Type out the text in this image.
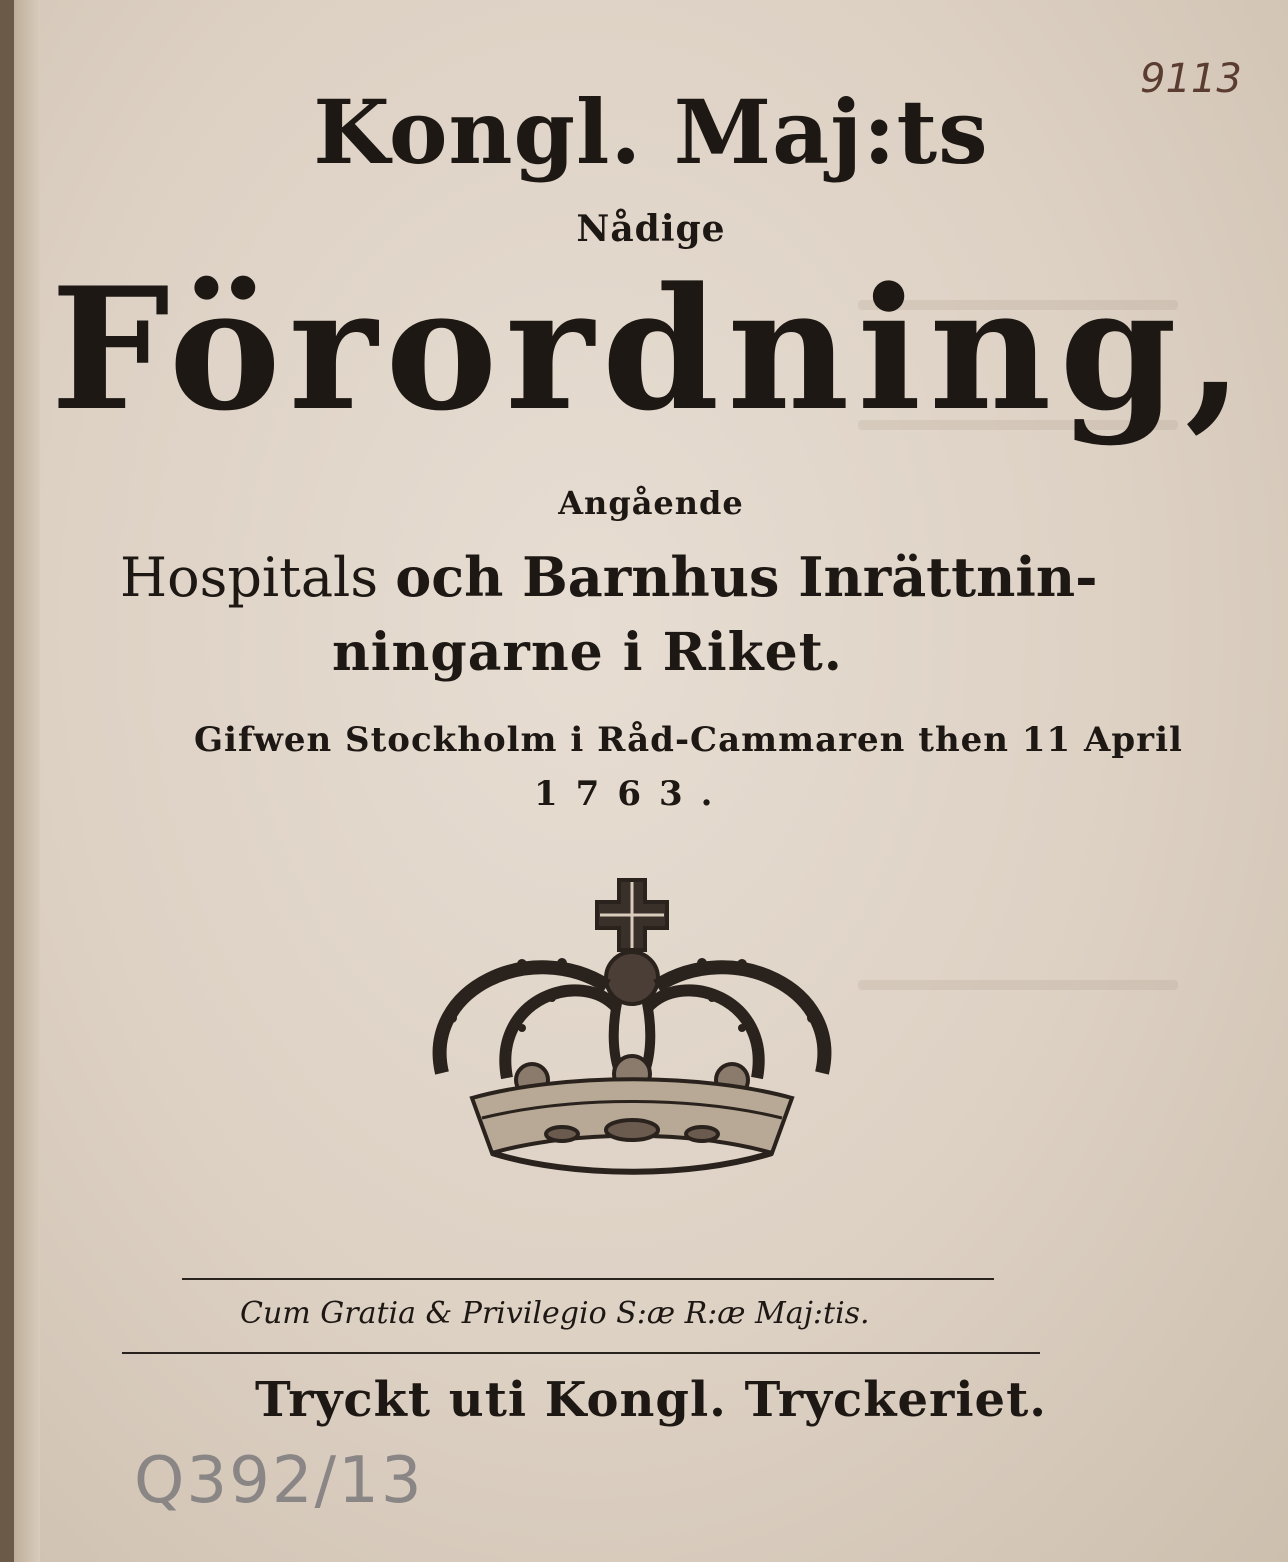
Kongl. Maj:ts
Nådige
Förordning,
Angående
Hospitals och Barnhus Inrättnin-
ningarne i Riket.
Gifwen Stockholm i Råd-Cammaren then 11 April
1763.
Cum Gratia & Privilegio S:æ R:æ Maj:tis.
Tryckt uti Kongl. Tryckeriet.
9113
Q392/13
